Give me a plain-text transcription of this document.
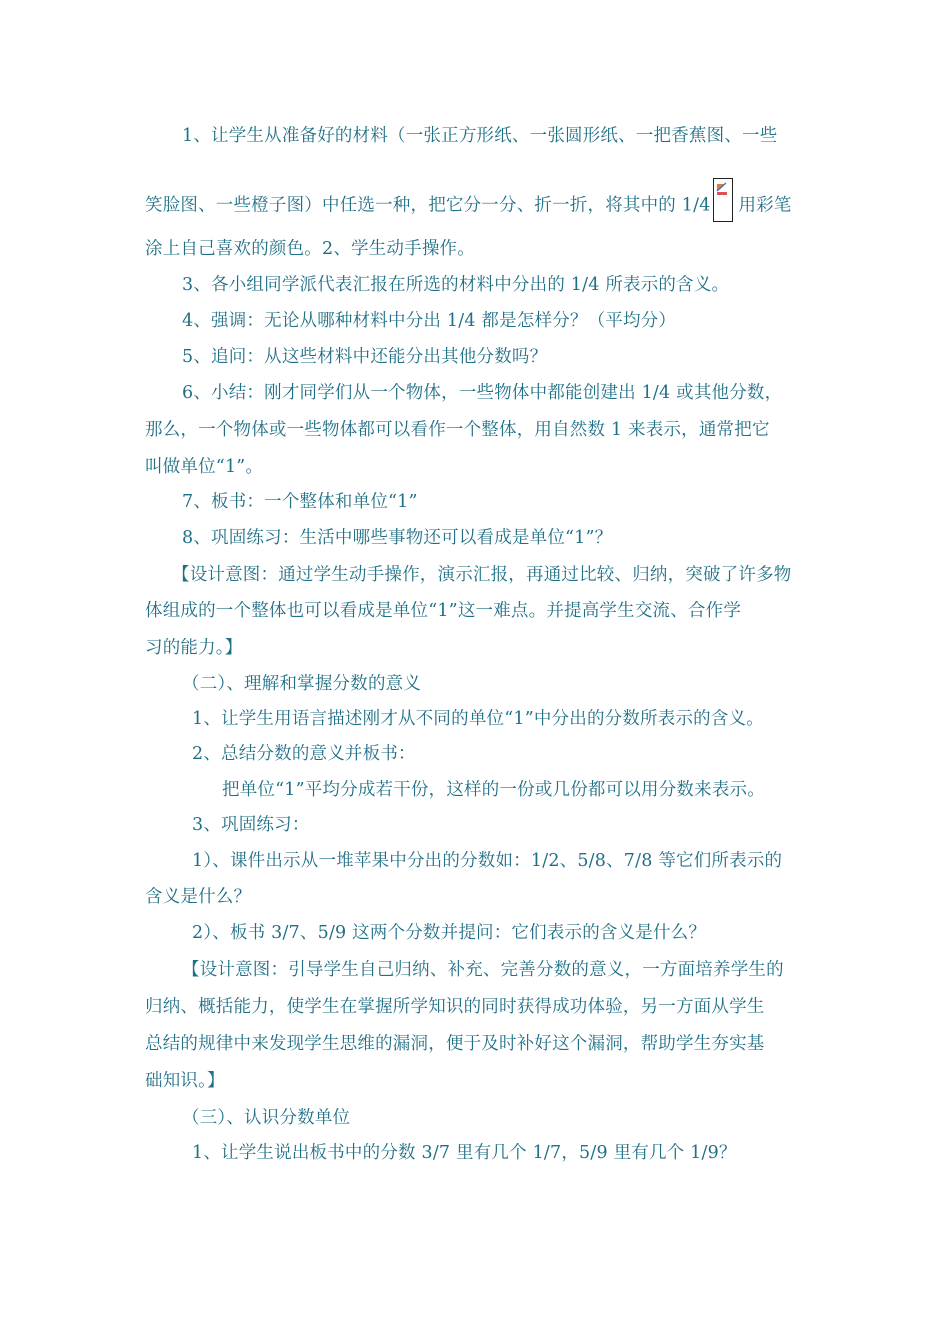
1、让学生从准备好的材料（一张正方形纸、一张圆形纸、一把香蕉图、一些
笑脸图、一些橙子图）中任选一种，把它分一分、折一折，将其中的 1/4 用彩笔
涂上自己喜欢的颜色。2、学生动手操作。
3、各小组同学派代表汇报在所选的材料中分出的 1/4 所表示的含义。
4、强调：无论从哪种材料中分出 1/4 都是怎样分？（平均分）
5、追问：从这些材料中还能分出其他分数吗？
6、小结：刚才同学们从一个物体，一些物体中都能创建出 1/4 或其他分数，
那么，一个物体或一些物体都可以看作一个整体，用自然数 1 来表示，通常把它
叫做单位“1”。
7、板书：一个整体和单位“1”
8、巩固练习：生活中哪些事物还可以看成是单位“1”？
【设计意图：通过学生动手操作，演示汇报，再通过比较、归纳，突破了许多物
体组成的一个整体也可以看成是单位“1”这一难点。并提高学生交流、合作学
习的能力。】
（二）、理解和掌握分数的意义
1、让学生用语言描述刚才从不同的单位“1”中分出的分数所表示的含义。
2、总结分数的意义并板书：
把单位“1”平均分成若干份，这样的一份或几份都可以用分数来表示。
3、巩固练习：
1）、课件出示从一堆苹果中分出的分数如：1/2、5/8、7/8 等它们所表示的
含义是什么？
2）、板书 3/7、5/9 这两个分数并提问：它们表示的含义是什么？
【设计意图：引导学生自己归纳、补充、完善分数的意义，一方面培养学生的
归纳、概括能力，使学生在掌握所学知识的同时获得成功体验，另一方面从学生
总结的规律中来发现学生思维的漏洞，便于及时补好这个漏洞，帮助学生夯实基
础知识。】
（三）、认识分数单位
1、让学生说出板书中的分数 3/7 里有几个 1/7，5/9 里有几个 1/9？
